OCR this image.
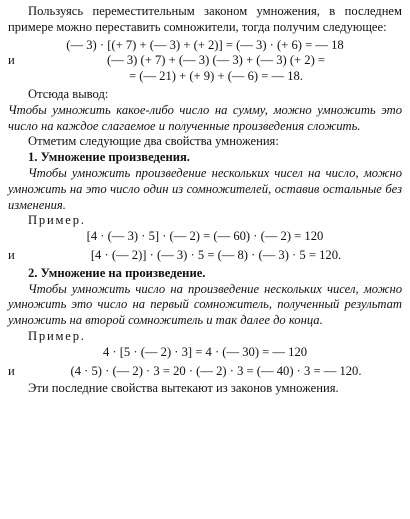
Пользуясь переместительным законом умножения, в последнем примере можно переставить сомножители, тогда получим следующее:

(— 3) · [(+ 7) + (— 3) + (+ 2)] = (— 3) · (+ 6) = — 18
и	(— 3) (+ 7) + (— 3) (— 3) + (— 3) (+ 2) =
= (— 21) + (+ 9) + (— 6) = — 18.

Отсюда вывод:

Чтобы умножить какое-либо число на сумму, можно умножить это число на каждое слагаемое и полученные произведения сложить.

Отметим следующие два свойства умножения:

1. Умножение произведения.

Чтобы умножить произведение нескольких чисел на число, можно умножить на это число один из сомножителей, оставив остальные без изменения.

Пример.

[4 · (— 3) · 5] · (— 2) = (— 60) · (— 2) = 120
и	[4 · (— 2)] · (— 3) · 5 = (— 8) · (— 3) · 5 = 120.

2. Умножение на произведение.

Чтобы умножить число на произведение нескольких чисел, можно умножить это число на первый сомножитель, полученный результат умножить на второй сомножитель и так далее до конца.

Пример.

4 · [5 · (— 2) · 3] = 4 · (— 30) = — 120
и	(4 · 5) · (— 2) · 3 = 20 · (— 2) · 3 = (— 40) · 3 = — 120.

Эти последние свойства вытекают из законов умножения.
